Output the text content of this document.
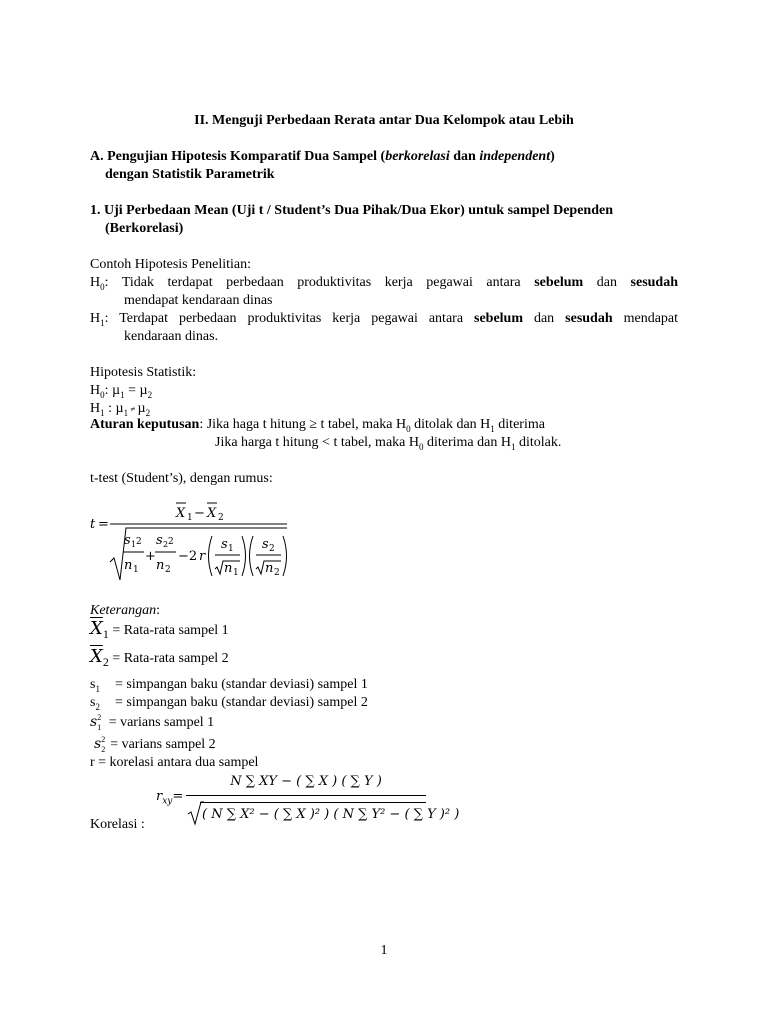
II. Menguji Perbedaan Rerata antar Dua Kelompok atau Lebih
A. Pengujian Hipotesis Komparatif Dua Sampel (berkorelasi dan independent)
dengan Statistik Parametrik
1. Uji Perbedaan Mean (Uji t / Student’s Dua Pihak/Dua Ekor) untuk sampel Dependen
(Berkorelasi)
Contoh Hipotesis Penelitian:
$H_0$: Tidak terdapat perbedaan produktivitas kerja pegawai antara sebelum dan sesudah
mendapat kendaraan dinas
$H_1$: Terdapat perbedaan produktivitas kerja pegawai antara sebelum dan sesudah mendapat
kendaraan dinas.
Hipotesis Statistik:
$H_0$: µ$_1$ = µ$_2$
$H_1$ : µ$_1$ ≠ µ$_2$
Aturan keputusan: Jika haga t hitung ≥ t tabel, maka $H_0$ ditolak dan $H_1$ diterima
Jika harga t hitung < t tabel, maka $H_0$ diterima dan $H_1$ ditolak.
t-test (Student’s), dengan rumus:
t =
X 1 − X 2
s 1 2
n 1
+
s 2 2
n 2
−2 r
s 1
n 1
s 2
n 2
Keterangan:
$\overline{X}_1$ = Rata-rata sampel 1
$\overline{X}_2$ = Rata-rata sampel 2
$s_1$ = simpangan baku (standar deviasi) sampel 1
$s_2$ = simpangan baku (standar deviasi) sampel 2
s 2
1 = varians sampel 1
s 2
2 = varians sampel 2
r = korelasi antara dua sampel
$r_{xy}=$
N ∑ XY − ( ∑ X ) ( ∑ Y )
( N ∑ X² − ( ∑ X )² ) ( N ∑ Y² − ( ∑ Y )² )
Korelasi :
1
